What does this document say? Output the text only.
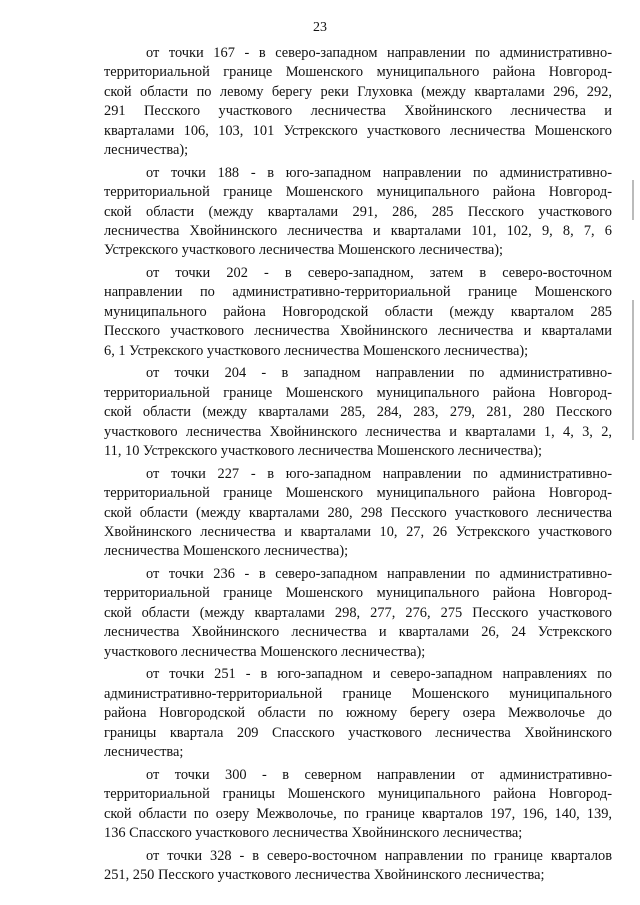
23

от точки 167 - в северо-западном направлении по административно-
территориальной границе Мошенского муниципального района Новгород-
ской области по левому берегу реки Глуховка (между кварталами 296, 292,
291 Песского участкового лесничества Хвойнинского лесничества и
кварталами 106, 103, 101 Устрекского участкового лесничества Мошенского
лесничества);

от точки 188 - в юго-западном направлении по административно-
территориальной границе Мошенского муниципального района Новгород-
ской области (между кварталами 291, 286, 285 Песского участкового
лесничества Хвойнинского лесничества и кварталами 101, 102, 9, 8, 7, 6
Устрекского участкового лесничества Мошенского лесничества);

от точки 202 - в северо-западном, затем в северо-восточном
направлении по административно-территориальной границе Мошенского
муниципального района Новгородской области (между кварталом 285
Песского участкового лесничества Хвойнинского лесничества и кварталами
6, 1 Устрекского участкового лесничества Мошенского лесничества);

от точки 204 - в западном направлении по административно-
территориальной границе Мошенского муниципального района Новгород-
ской области (между кварталами 285, 284, 283, 279, 281, 280 Песского
участкового лесничества Хвойнинского лесничества и кварталами 1, 4, 3, 2,
11, 10 Устрекского участкового лесничества Мошенского лесничества);

от точки 227 - в юго-западном направлении по административно-
территориальной границе Мошенского муниципального района Новгород-
ской области (между кварталами 280, 298 Песского участкового лесничества
Хвойнинского лесничества и кварталами 10, 27, 26 Устрекского участкового
лесничества Мошенского лесничества);

от точки 236 - в северо-западном направлении по административно-
территориальной границе Мошенского муниципального района Новгород-
ской области (между кварталами 298, 277, 276, 275 Песского участкового
лесничества Хвойнинского лесничества и кварталами 26, 24 Устрекского
участкового лесничества Мошенского лесничества);

от точки 251 - в юго-западном и северо-западном направлениях по
административно-территориальной границе Мошенского муниципального
района Новгородской области по южному берегу озера Межволочье до
границы квартала 209 Спасского участкового лесничества Хвойнинского
лесничества;

от точки 300 - в северном направлении от административно-
территориальной границы Мошенского муниципального района Новгород-
ской области по озеру Межволочье, по границе кварталов 197, 196, 140, 139,
136 Спасского участкового лесничества Хвойнинского лесничества;

от точки 328 - в северо-восточном направлении по границе кварталов
251, 250 Песского участкового лесничества Хвойнинского лесничества;
